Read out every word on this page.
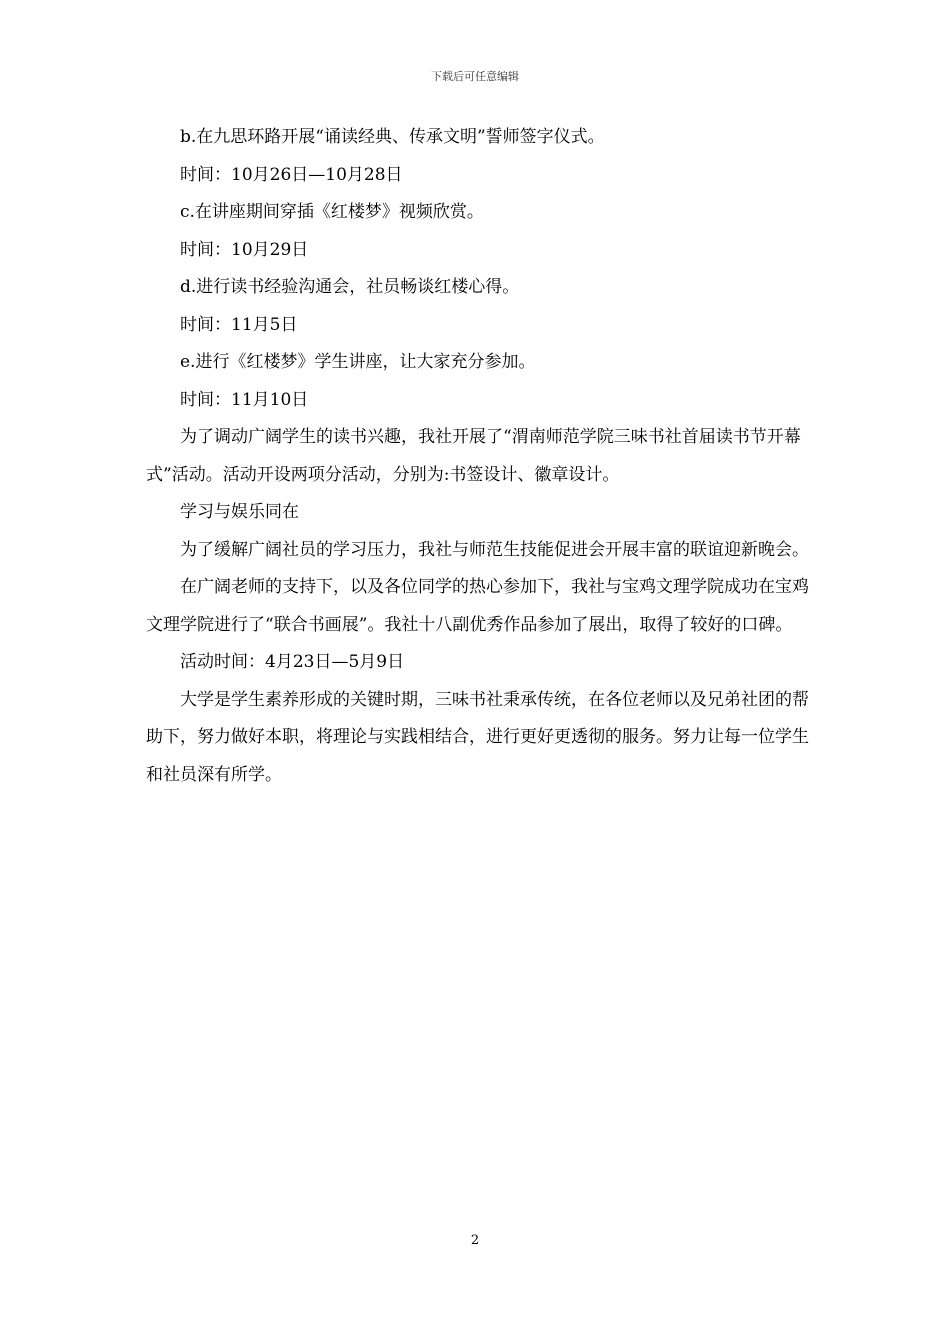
下载后可任意编辑

b.在九思环路开展“诵读经典、传承文明”誓师签字仪式。

时间：10月26日—10月28日

c.在讲座期间穿插《红楼梦》视频欣赏。

时间：10月29日

d.进行读书经验沟通会，社员畅谈红楼心得。

时间：11月5日

e.进行《红楼梦》学生讲座，让大家充分参加。

时间：11月10日

为了调动广阔学生的读书兴趣，我社开展了“渭南师范学院三味书社首届读书节开幕式”活动。活动开设两项分活动，分别为:书签设计、徽章设计。

学习与娱乐同在

为了缓解广阔社员的学习压力，我社与师范生技能促进会开展丰富的联谊迎新晚会。

在广阔老师的支持下，以及各位同学的热心参加下，我社与宝鸡文理学院成功在宝鸡文理学院进行了“联合书画展”。我社十八副优秀作品参加了展出，取得了较好的口碑。

活动时间：4月23日—5月9日

大学是学生素养形成的关键时期，三味书社秉承传统，在各位老师以及兄弟社团的帮助下，努力做好本职，将理论与实践相结合，进行更好更透彻的服务。努力让每一位学生和社员深有所学。

2
